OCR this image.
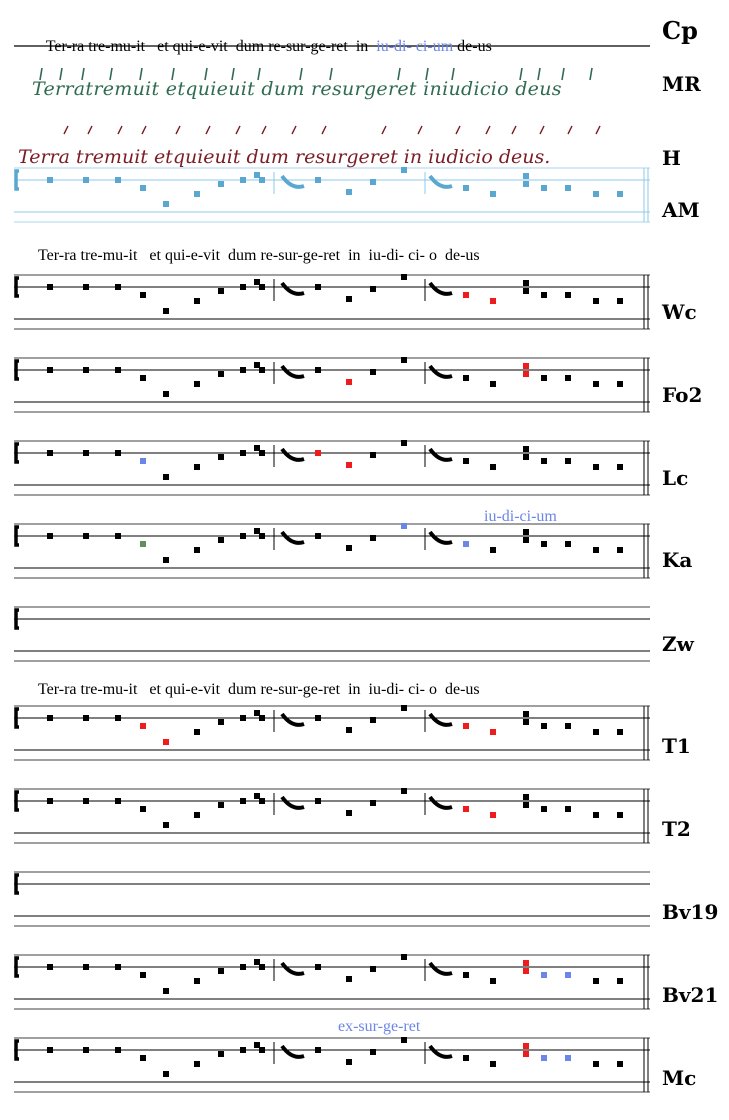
Ter-ra tre-mu-it   et qui-e-vit  dum re-sur-ge-ret  in  iu-di- ci-um de-us

Cp
Terratremuit etquieuit dum resurgeret iniudicio deus	MR
Terra tremuit etquieuit dum resurgeret in iudicio deus.	H
AM
Ter-ra tre-mu-it   et qui-e-vit  dum re-sur-ge-ret  in  iu-di- ci- o  de-us
Ter-ra tre-mu-it   et qui-e-vit  dum re-sur-ge-ret  in  iu-di- ci- o  de-us
Wc
Fo2
Lc
Ka
Zw
T1
T2
Bv19
Bv21
Mc
iu-di-ci-um
ex-sur-ge-ret
